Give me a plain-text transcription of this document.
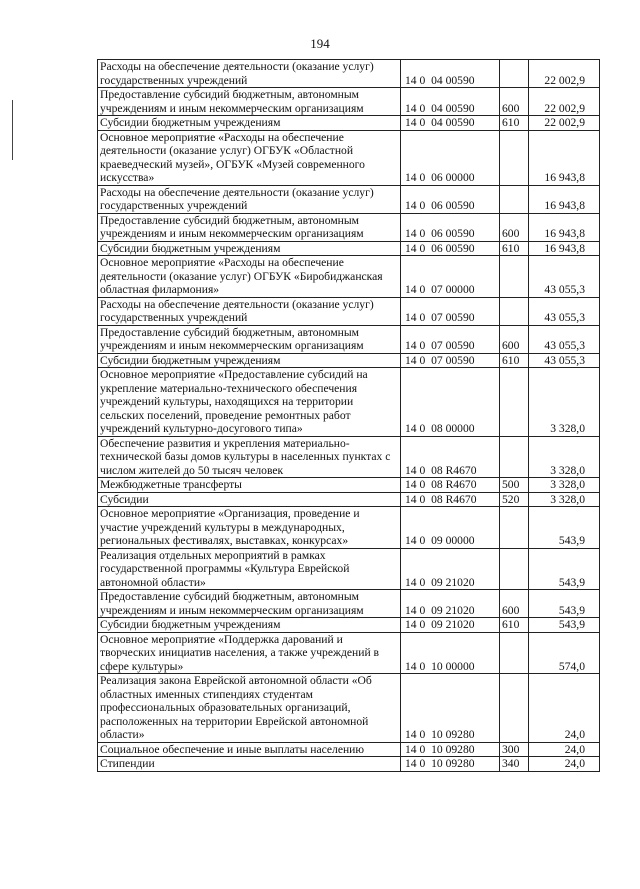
194
Расходы на обеспечение деятельности (оказание услуг) государственных учреждений	14 0  04 00590		22 002,9
Предоставление субсидий бюджетным, автономным учреждениям и иным некоммерческим организациям	14 0  04 00590	600	22 002,9
Субсидии бюджетным учреждениям	14 0  04 00590	610	22 002,9
Основное мероприятие «Расходы на обеспечение деятельности (оказание услуг) ОГБУК «Областной краеведческий музей», ОГБУК «Музей современного искусства»	14 0  06 00000		16 943,8
Расходы на обеспечение деятельности (оказание услуг) государственных учреждений	14 0  06 00590		16 943,8
Предоставление субсидий бюджетным, автономным учреждениям и иным некоммерческим организациям	14 0  06 00590	600	16 943,8
Субсидии бюджетным учреждениям	14 0  06 00590	610	16 943,8
Основное мероприятие «Расходы на обеспечение деятельности (оказание услуг) ОГБУК «Биробиджанская областная филармония»	14 0  07 00000		43 055,3
Расходы на обеспечение деятельности (оказание услуг) государственных учреждений	14 0  07 00590		43 055,3
Предоставление субсидий бюджетным, автономным учреждениям и иным некоммерческим организациям	14 0  07 00590	600	43 055,3
Субсидии бюджетным учреждениям	14 0  07 00590	610	43 055,3
Основное мероприятие «Предоставление субсидий на укрепление материально-технического обеспечения учреждений культуры, находящихся на территории сельских поселений, проведение ремонтных работ учреждений культурно-досугового типа»	14 0  08 00000		3 328,0
Обеспечение развития и укрепления материально-технической базы домов культуры в населенных пунктах с числом жителей до 50 тысяч человек	14 0  08 R4670		3 328,0
Межбюджетные трансферты	14 0  08 R4670	500	3 328,0
Субсидии	14 0  08 R4670	520	3 328,0
Основное мероприятие «Организация, проведение и участие учреждений культуры в международных, региональных фестивалях, выставках, конкурсах»	14 0  09 00000		543,9
Реализация отдельных мероприятий в рамках государственной программы «Культура Еврейской автономной области»	14 0  09 21020		543,9
Предоставление субсидий бюджетным, автономным учреждениям и иным некоммерческим организациям	14 0  09 21020	600	543,9
Субсидии бюджетным учреждениям	14 0  09 21020	610	543,9
Основное мероприятие «Поддержка дарований и творческих инициатив населения, а также учреждений в сфере культуры»	14 0  10 00000		574,0
Реализация закона Еврейской автономной области «Об областных именных стипендиях студентам профессиональных образовательных организаций, расположенных на территории Еврейской автономной области»	14 0  10 09280		24,0
Социальное обеспечение и иные выплаты населению	14 0  10 09280	300	24,0
Стипендии	14 0  10 09280	340	24,0
